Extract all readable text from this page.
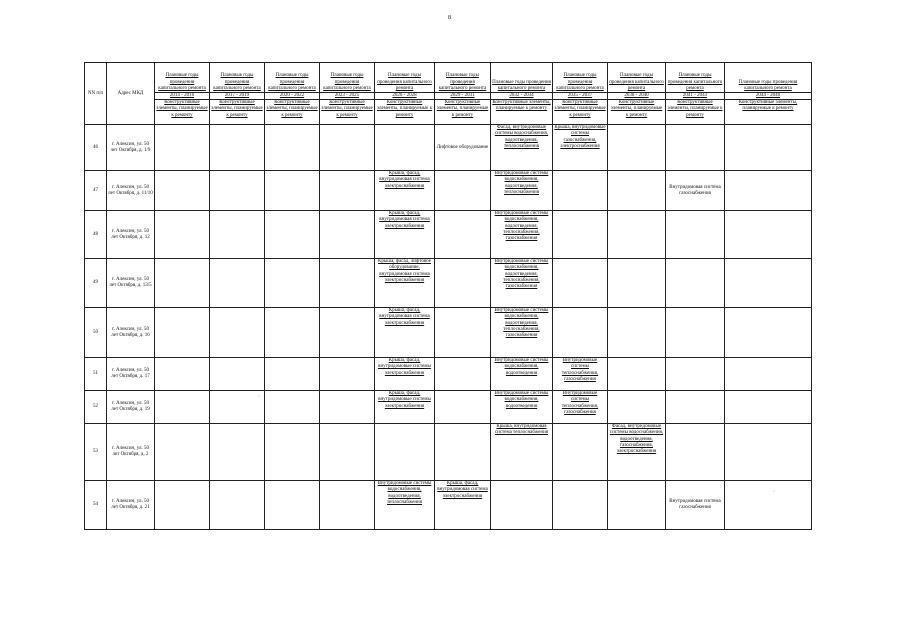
8
NN п/п	Адрес МКД	Плановые годы проведения капитального ремонта	Плановые годы проведения капитального ремонта	Плановые годы проведения капитального ремонта	Плановые годы проведения капитального ремонта	Плановые годы проведения капитального ремонта	Плановые годы проведения капитального ремонта	Плановые годы проведения капитального ремонта	Плановые годы проведения капитального ремонта	Плановые годы проведения капитального ремонта	Плановые годы проведения капитального ремонта	Плановые годы проведения капитального ремонта
		2014 - 2016	2017 - 2019	2020 - 2022	2023 - 2025	2026 - 2028	2029 - 2031	2032 - 2034	2035 - 2037	2038 - 2040	2041 - 2043	2044 - 2046
		Конструктивные элементы, планируемые к ремонту	Конструктивные элементы, планируемые к ремонту	Конструктивные элементы, планируемые к ремонту	Конструктивные элементы, планируемые к ремонту	Конструктивные элементы, планируемые к ремонту	Конструктивные элементы, планируемые к ремонту	Конструктивные элементы, планируемые к ремонту	Конструктивные элементы, планируемые к ремонту	Конструктивные элементы, планируемые к ремонту	Конструктивные элементы, планируемые к ремонту	Конструктивные элементы, планируемые к ремонту
46	г. Алексин, ул. 50 лет Октября, д. 1/9						Лифтовое оборудование	Фасад, внутридомовые системы водоснабжения, водоотведения, теплоснабжения	Крыша, внутридомовые системы газоснабжения, электроснабжения			
47	г. Алексин, ул. 50 лет Октября, д. 11/10					Крыша, фасад, внутридомовая система электроснабжения		Внутридомовые системы водоснабжения, водоотведения, теплоснабжения			Внутридомовая система газоснабжения	
48	г. Алексин, ул. 50 лет Октября, д. 12					Крыша, фасад, внутридомовая система электроснабжения		Внутридомовые системы водоснабжения, водоотведения, теплоснабжения, газоснабжения				
49	г. Алексин, ул. 50 лет Октября, д. 13/5					Крыша, фасад, лифтовое оборудование, внутридомовая система электроснабжения		Внутридомовые системы водоснабжения, водоотведения, теплоснабжения, газоснабжения				
50	г. Алексин, ул. 50 лет Октября, д. 16					Крыша, фасад, внутридомовая система электроснабжения		Внутридомовые системы водоснабжения, водоотведения, теплоснабжения, газоснабжения				
51	г. Алексин, ул. 50 лет Октября, д. 17					Крыша, фасад, внутридомовые системы электроснабжения		Внутридомовые системы водоснабжения, водоотведения	Внутридомовые системы теплоснабжения, газоснабжения			
52	г. Алексин, ул. 50 лет Октября, д. 19					Крыша, фасад, внутридомовые системы электроснабжения		Внутридомовые системы водоснабжения, водоотведения	Внутридомовые системы теплоснабжения, газоснабжения			
53	г. Алексин, ул. 50 лет Октября, д. 2							Крыша, внутридомовая система теплоснабжения		Фасад, внутридомовые системы водоснабжения, водоотведения, газоснабжения, электроснабжения		
54	г. Алексин, ул. 50 лет Октября, д. 21					Внутридомовые системы водоснабжения, водоотведения, теплоснабжения	Крыша, фасад, внутридомовая система электроснабжения				Внутридомовая система газоснабжения	
·
·
